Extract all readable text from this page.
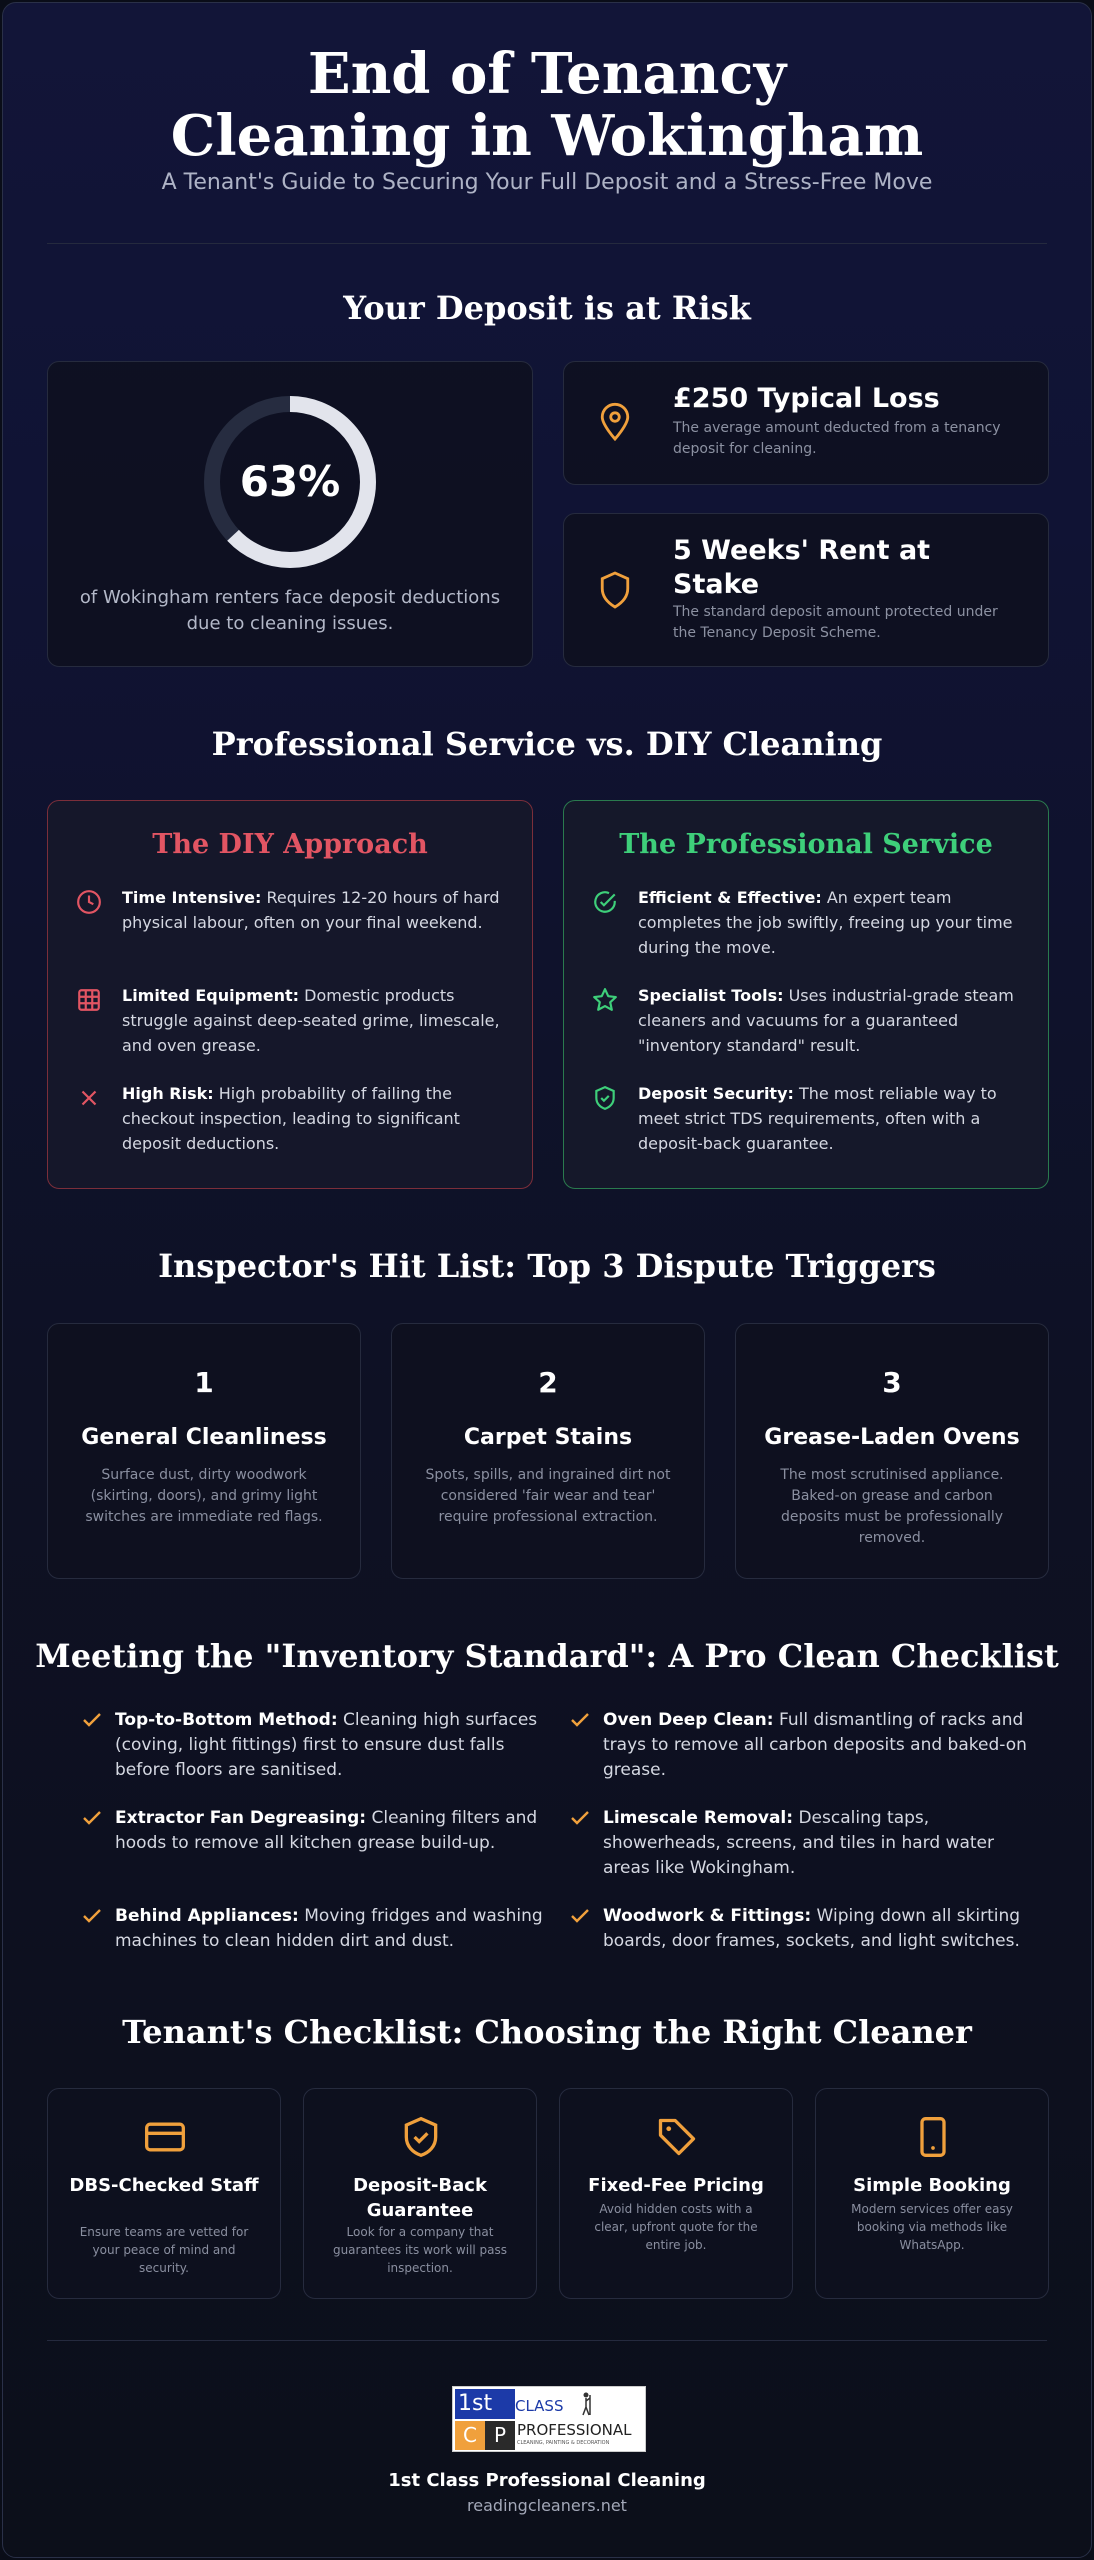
End of Tenancy
Cleaning in Wokingham
A Tenant's Guide to Securing Your Full Deposit and a Stress-Free Move
Your Deposit is at Risk
63%
of Wokingham renters face deposit deductions due to cleaning issues.
£250 Typical Loss
The average amount deducted from a tenancy deposit for cleaning.
5 Weeks' Rent at Stake
The standard deposit amount protected under the Tenancy Deposit Scheme.
Professional Service vs. DIY Cleaning
The DIY Approach
Time Intensive: Requires 12-20 hours of hard physical labour, often on your final weekend.
Limited Equipment: Domestic products struggle against deep-seated grime, limescale, and oven grease.
High Risk: High probability of failing the checkout inspection, leading to significant deposit deductions.
The Professional Service
Efficient & Effective: An expert team completes the job swiftly, freeing up your time during the move.
Specialist Tools: Uses industrial-grade steam cleaners and vacuums for a guaranteed "inventory standard" result.
Deposit Security: The most reliable way to meet strict TDS requirements, often with a deposit-back guarantee.
Inspector's Hit List: Top 3 Dispute Triggers
1
General Cleanliness
Surface dust, dirty woodwork (skirting, doors), and grimy light switches are immediate red flags.
2
Carpet Stains
Spots, spills, and ingrained dirt not considered 'fair wear and tear' require professional extraction.
3
Grease-Laden Ovens
The most scrutinised appliance. Baked-on grease and carbon deposits must be professionally removed.
Meeting the "Inventory Standard": A Pro Clean Checklist
Top-to-Bottom Method: Cleaning high surfaces (coving, light fittings) first to ensure dust falls before floors are sanitised.
Oven Deep Clean: Full dismantling of racks and trays to remove all carbon deposits and baked-on grease.
Extractor Fan Degreasing: Cleaning filters and hoods to remove all kitchen grease build-up.
Limescale Removal: Descaling taps, showerheads, screens, and tiles in hard water areas like Wokingham.
Behind Appliances: Moving fridges and washing machines to clean hidden dirt and dust.
Woodwork & Fittings: Wiping down all skirting boards, door frames, sockets, and light switches.
Tenant's Checklist: Choosing the Right Cleaner
DBS-Checked Staff
Ensure teams are vetted for your peace of mind and security.
Deposit-Back Guarantee
Look for a company that guarantees its work will pass inspection.
Fixed-Fee Pricing
Avoid hidden costs with a clear, upfront quote for the entire job.
Simple Booking
Modern services offer easy booking via methods like WhatsApp.
1st	CLASS
C P PROFESSIONAL
CLEANING, PAINTING & DECORATION
1st Class Professional Cleaning
readingcleaners.net
